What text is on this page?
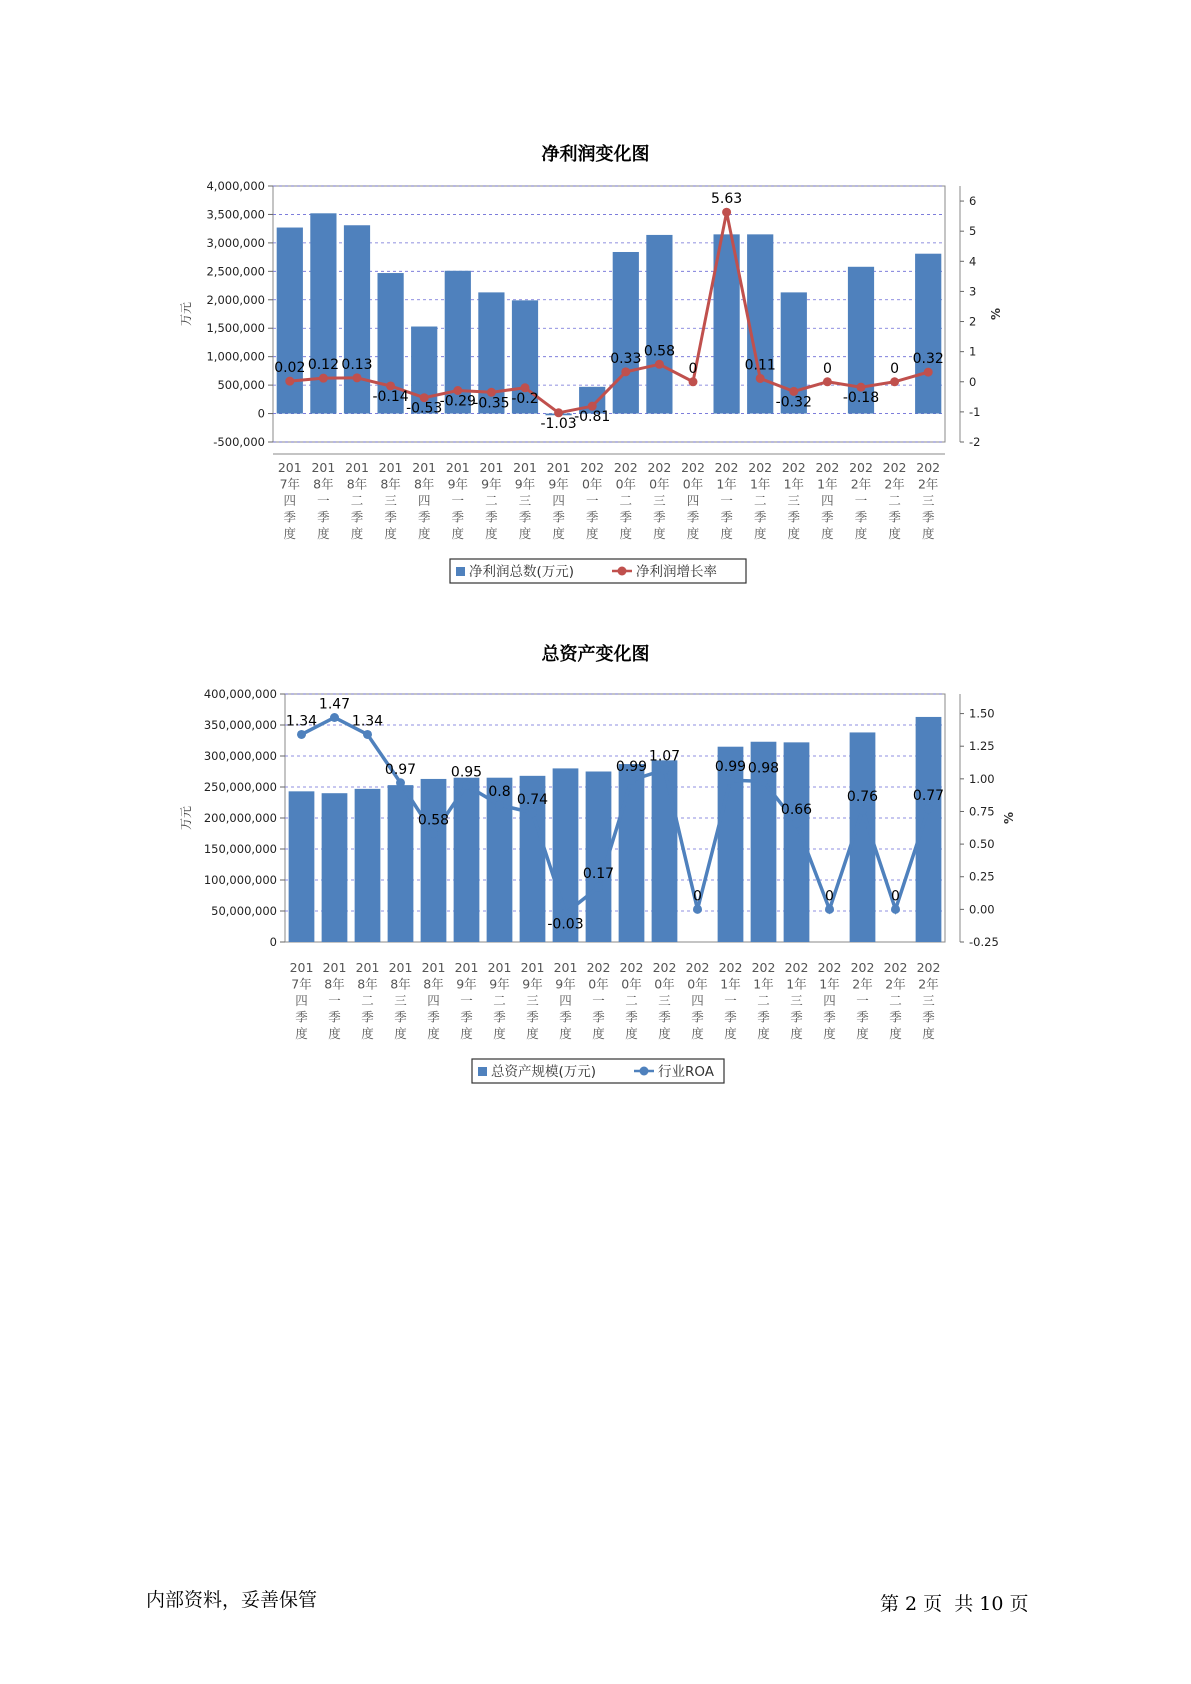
净利润变化图
-500,000
0
500,000
1,000,000
1,500,000
2,000,000
2,500,000
3,000,000
3,500,000
4,000,000
-2
-1
0
1
2
3
4
5
6
万元	%
0.02 0.12 0.13
-0.14
-0.53
-0.29
-0.35 -0.2
-1.03
-0.81
0.33 0.58
0
5.63
0.11
-0.32
0
-0.18
0
0.32
201 7年四季度
201 8年一季度
201 8年二季度
201 8年三季度
201 8年四季度
201 9年一季度
201 9年二季度
201 9年三季度
201 9年四季度
202 0年一季度
202 0年二季度
202 0年三季度
202 0年四季度
202 1年一季度
202 1年二季度
202 1年三季度
202 1年四季度
202 2年一季度
202 2年二季度
202 2年三季度
净利润总数(万元)	净利润增长率
总资产变化图
0
50,000,000
100,000,000
150,000,000
200,000,000
250,000,000
300,000,000
350,000,000
400,000,000
-0.25
0.00
0.25
0.50
0.75
1.00
1.25
1.50
万元	%
1.34
1.47
1.34
0.97
0.58
0.95
0.8 0.74
-0.03
0.17
0.99
1.07
0
0.99 0.98
0.66
0
0.76
0
0.77
201 7年四季度
201 8年一季度
201 8年二季度
201 8年三季度
201 8年四季度
201 9年一季度
201 9年二季度
201 9年三季度
201 9年四季度
202 0年一季度
202 0年二季度
202 0年三季度
202 0年四季度
202 1年一季度
202 1年二季度
202 1年三季度
202 1年四季度
202 2年一季度
202 2年二季度
202 2年三季度
总资产规模(万元)	行业ROA
内部资料，妥善保管	第 2 页  共 10 页
